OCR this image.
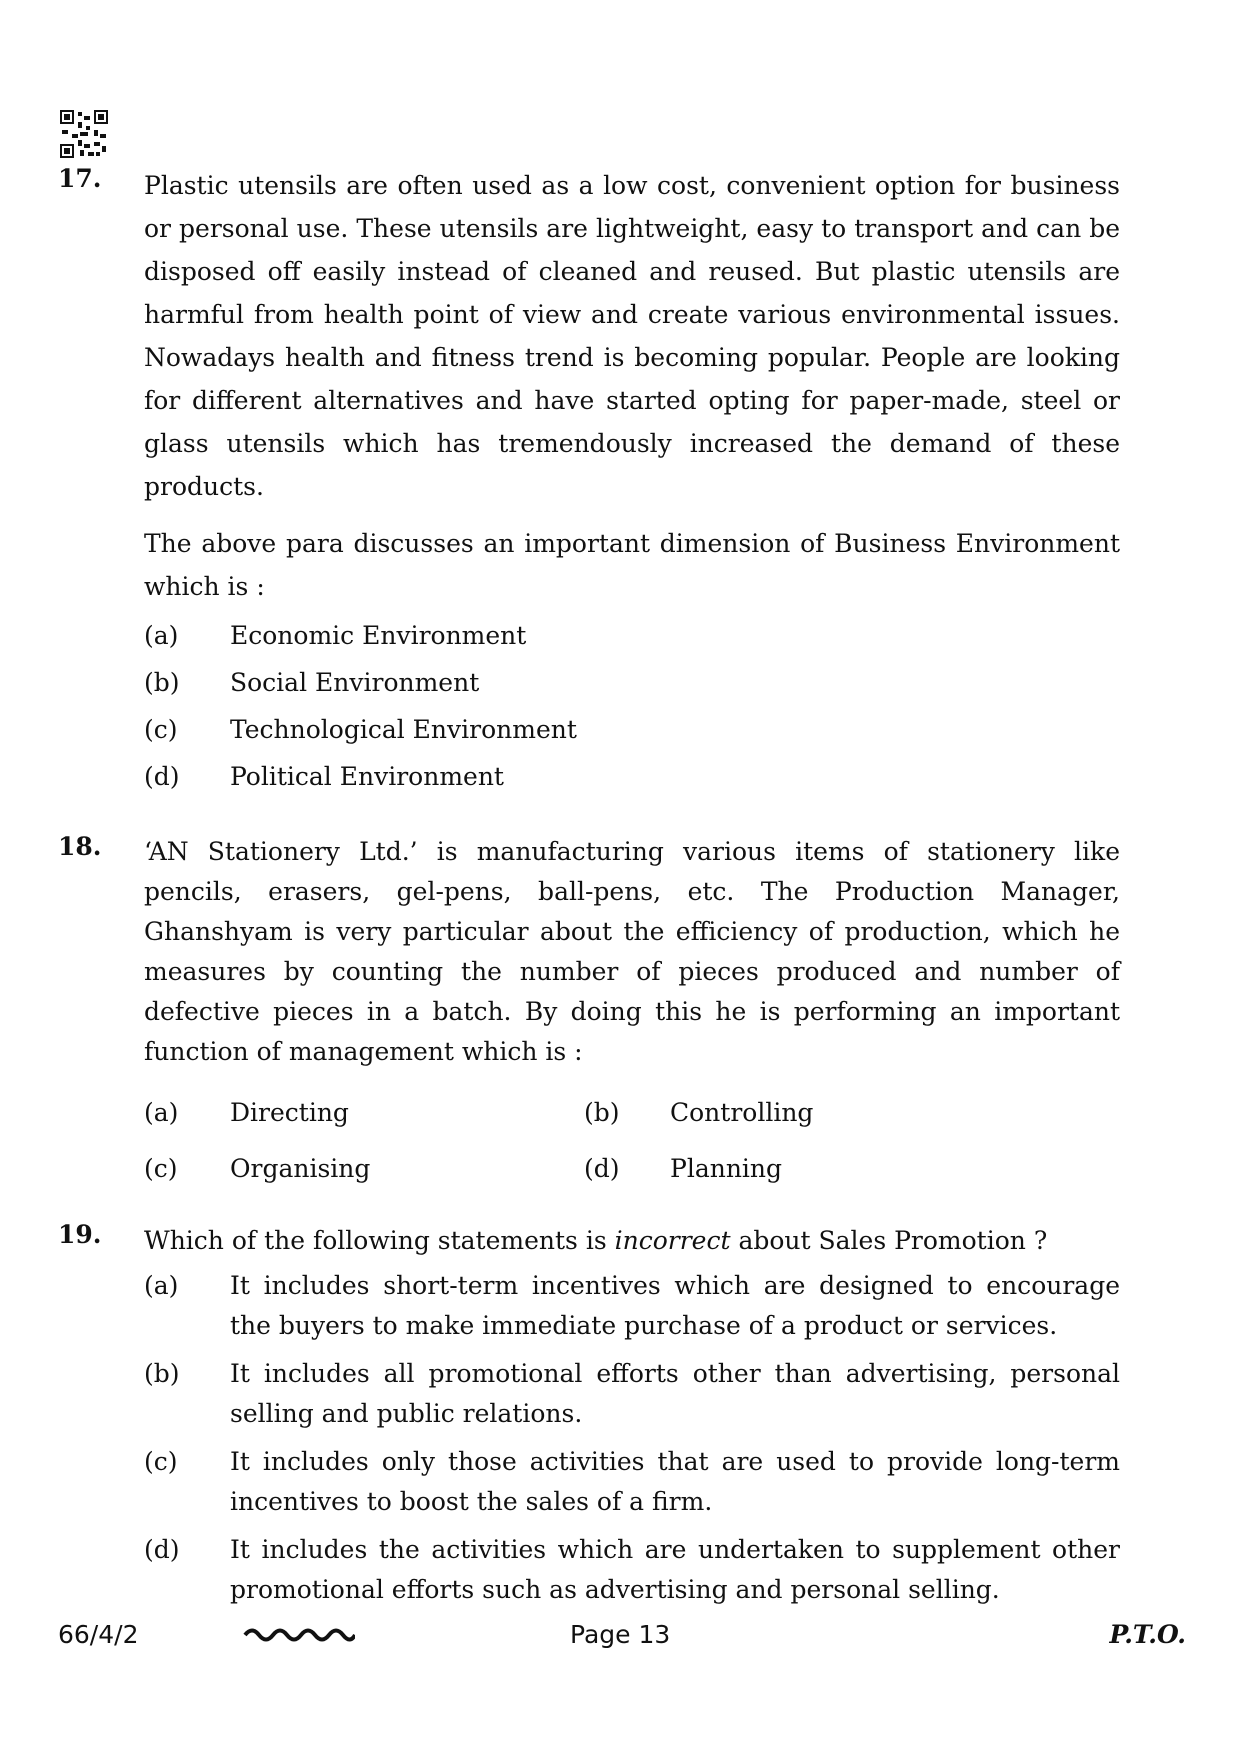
17. Plastic utensils are often used as a low cost, convenient option for business or personal use. These utensils are lightweight, easy to transport and can be disposed off easily instead of cleaned and reused. But plastic utensils are harmful from health point of view and create various environmental issues. Nowadays health and fitness trend is becoming popular. People are looking for different alternatives and have started opting for paper-made, steel or glass utensils which has tremendously increased the demand of these products.

The above para discusses an important dimension of Business Environment which is :

(a)	Economic Environment
(b)	Social Environment
(c)	Technological Environment
(d)	Political Environment
18. ‘AN Stationery Ltd.’ is manufacturing various items of stationery like pencils, erasers, gel-pens, ball-pens, etc. The Production Manager, Ghanshyam is very particular about the efficiency of production, which he measures by counting the number of pieces produced and number of defective pieces in a batch. By doing this he is performing an important function of management which is :

(a)	Directing	(b)	Controlling
(c)	Organising	(d)	Planning
19. Which of the following statements is incorrect about Sales Promotion ?

(a)	It includes short-term incentives which are designed to encourage the buyers to make immediate purchase of a product or services.
(b)	It includes all promotional efforts other than advertising, personal selling and public relations.
(c)	It includes only those activities that are used to provide long-term incentives to boost the sales of a firm.
(d)	It includes the activities which are undertaken to supplement other promotional efforts such as advertising and personal selling.
66/4/2	Page 13	P.T.O.
